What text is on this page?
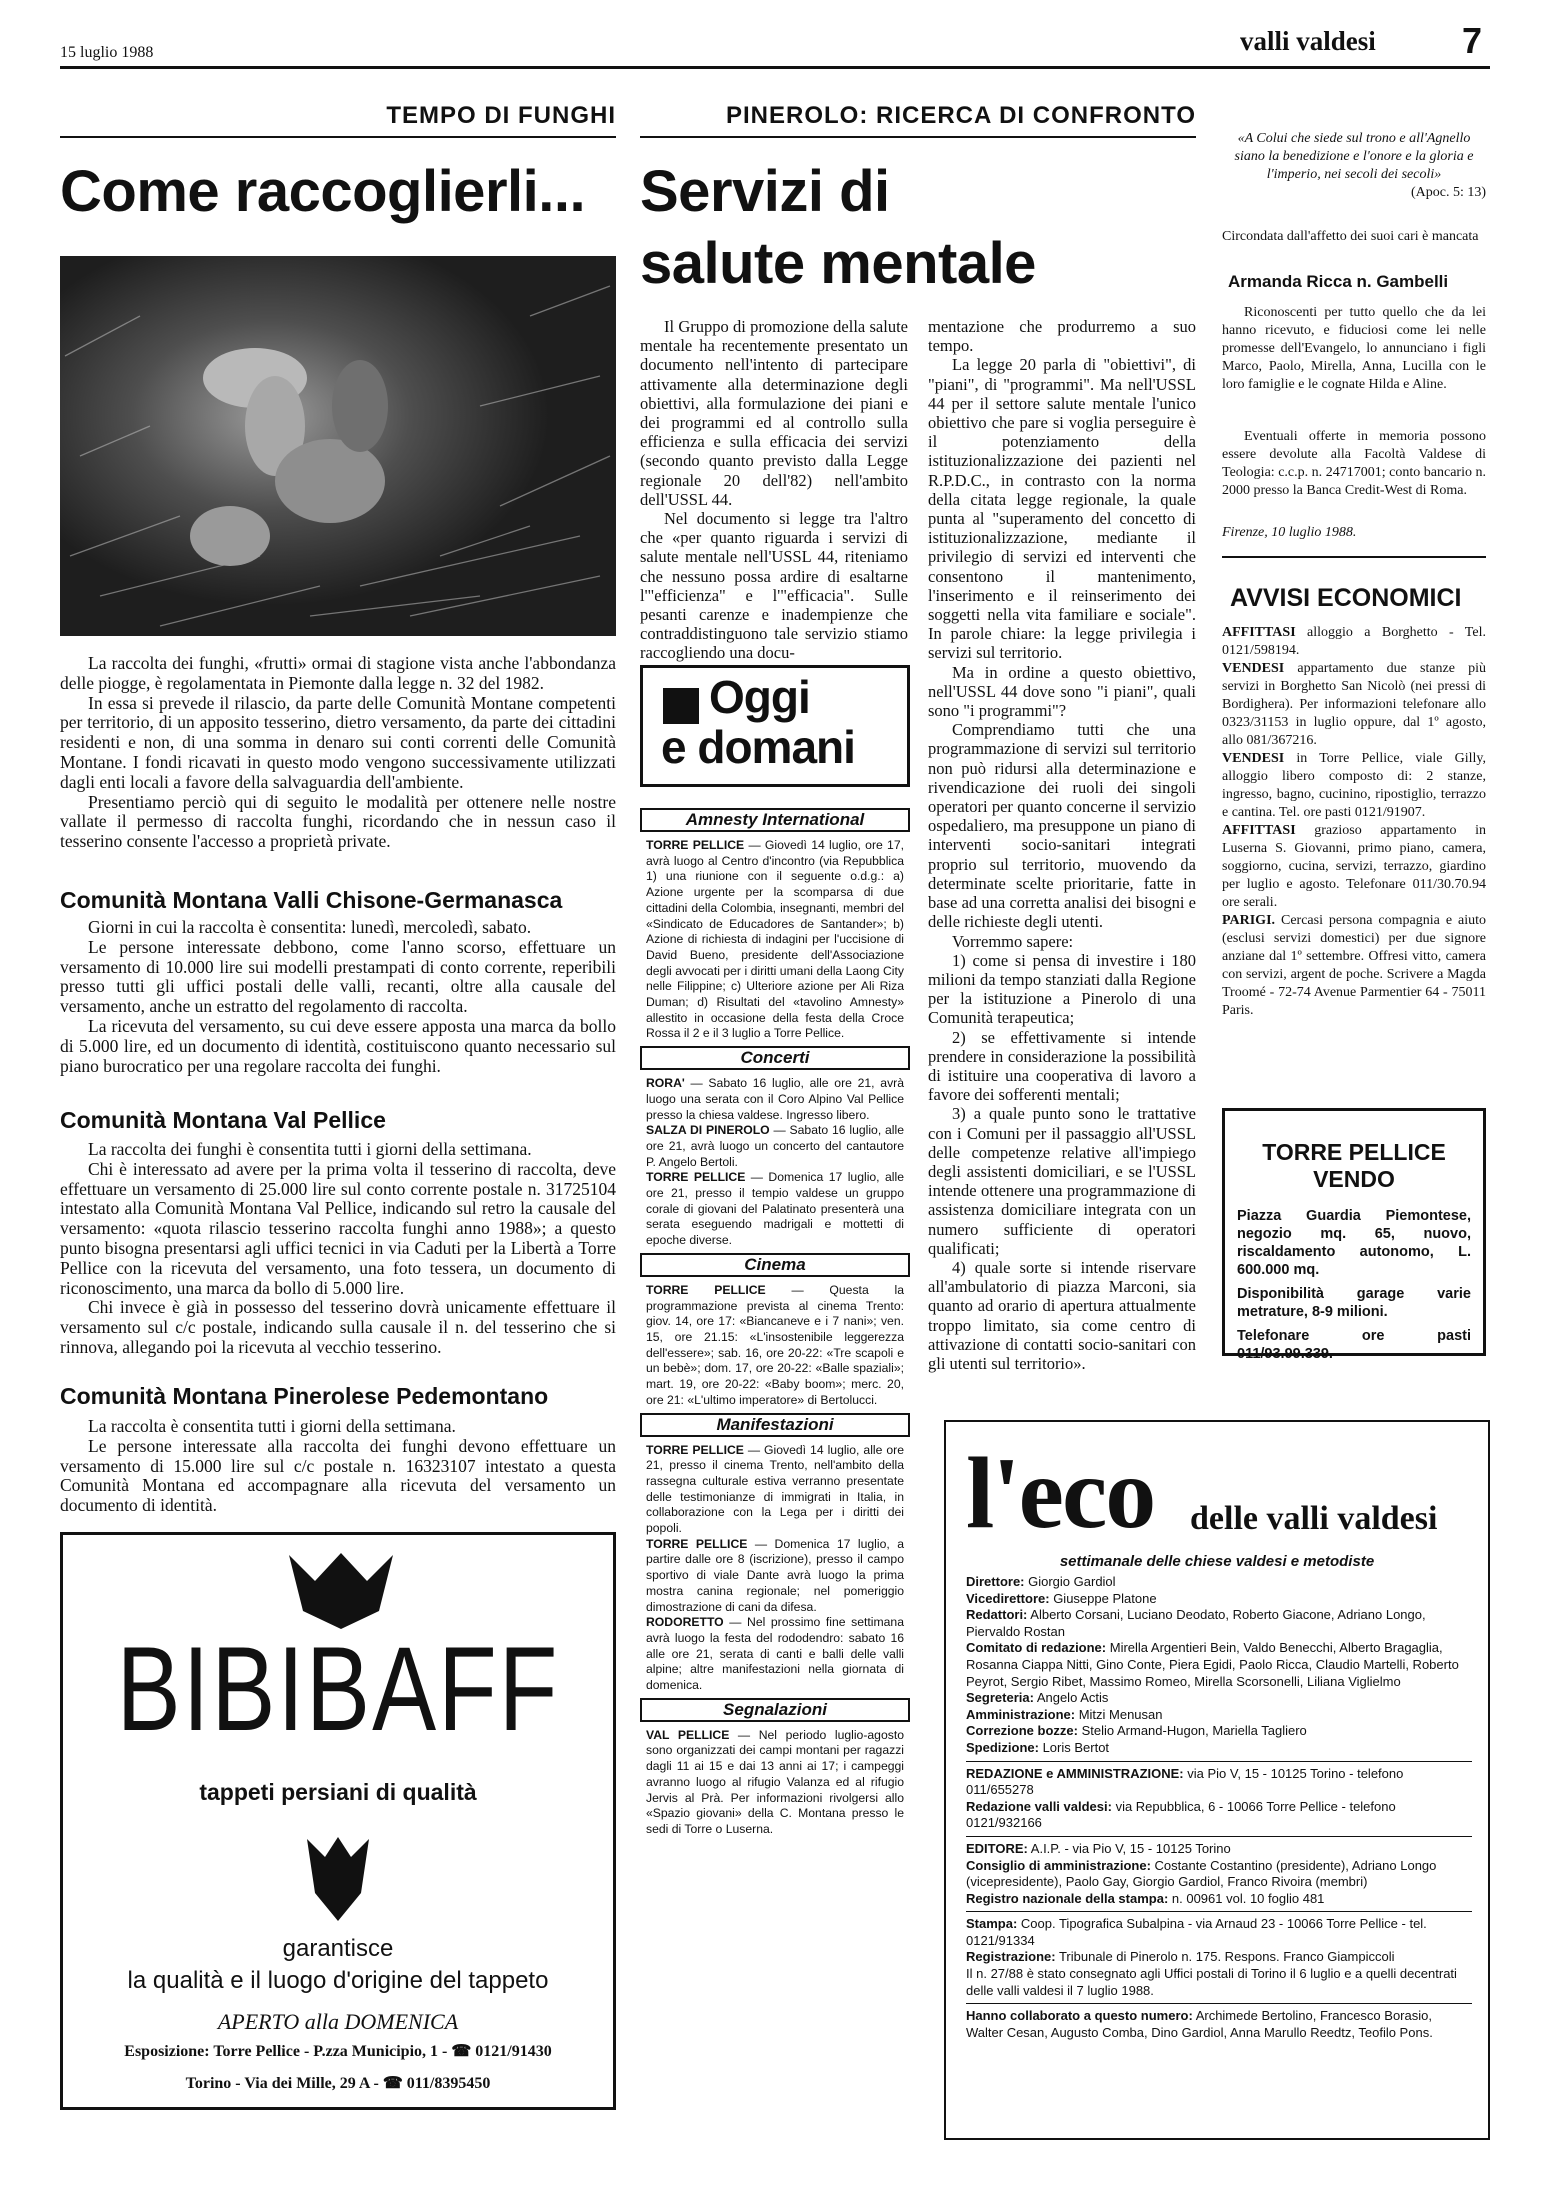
15 luglio 1988	valli valdesi 7
TEMPO DI FUNGHI
Come raccoglierli...

La raccolta dei funghi, «frutti» ormai di stagione vista anche l'abbondanza delle piogge, è regolamentata in Piemonte dalla legge n. 32 del 1982.

In essa si prevede il rilascio, da parte delle Comunità Montane competenti per territorio, di un apposito tesserino, dietro versamento, da parte dei cittadini residenti e non, di una somma in denaro sui conti correnti delle Comunità Montane. I fondi ricavati in questo modo vengono successivamente utilizzati dagli enti locali a favore della salvaguardia dell'ambiente.

Presentiamo perciò qui di seguito le modalità per ottenere nelle nostre vallate il permesso di raccolta funghi, ricordando che in nessun caso il tesserino consente l'accesso a proprietà private.

Comunità Montana Valli Chisone-Germanasca

Giorni in cui la raccolta è consentita: lunedì, mercoledì, sabato.

Le persone interessate debbono, come l'anno scorso, effettuare un versamento di 10.000 lire sui modelli prestampati di conto corrente, reperibili presso tutti gli uffici postali delle valli, recanti, oltre alla causale del versamento, anche un estratto del regolamento di raccolta.

La ricevuta del versamento, su cui deve essere apposta una marca da bollo di 5.000 lire, ed un documento di identità, costituiscono quanto necessario sul piano burocratico per una regolare raccolta dei funghi.

Comunità Montana Val Pellice

La raccolta dei funghi è consentita tutti i giorni della settimana.

Chi è interessato ad avere per la prima volta il tesserino di raccolta, deve effettuare un versamento di 25.000 lire sul conto corrente postale n. 31725104 intestato alla Comunità Montana Val Pellice, indicando sul retro la causale del versamento: «quota rilascio tesserino raccolta funghi anno 1988»; a questo punto bisogna presentarsi agli uffici tecnici in via Caduti per la Libertà a Torre Pellice con la ricevuta del versamento, una foto tessera, un documento di riconoscimento, una marca da bollo di 5.000 lire.

Chi invece è già in possesso del tesserino dovrà unicamente effettuare il versamento sul c/c postale, indicando sulla causale il n. del tesserino che si rinnova, allegando poi la ricevuta al vecchio tesserino.

Comunità Montana Pinerolese Pedemontano

La raccolta è consentita tutti i giorni della settimana.

Le persone interessate alla raccolta dei funghi devono effettuare un versamento di 15.000 lire sul c/c postale n. 16323107 intestato a questa Comunità Montana ed accompagnare alla ricevuta del versamento un documento di identità.

BIBIBAFF
tappeti persiani di qualità
garantisce
la qualità e il luogo d'origine del tappeto
APERTO alla DOMENICA
Esposizione: Torre Pellice - P.zza Municipio, 1 - ☎ 0121/91430
Torino - Via dei Mille, 29 A - ☎ 011/8395450
PINEROLO: RICERCA DI CONFRONTO
Servizi di
salute mentale

Il Gruppo di promozione della salute mentale ha recentemente presentato un documento nell'intento di partecipare attivamente alla determinazione degli obiettivi, alla formulazione dei piani e dei programmi ed al controllo sulla efficienza e sulla efficacia dei servizi (secondo quanto previsto dalla Legge regionale 20 dell'82) nell'ambito dell'USSL 44.

Nel documento si legge tra l'altro che «per quanto riguarda i servizi di salute mentale nell'USSL 44, riteniamo che nessuno possa ardire di esaltarne l'"efficienza" e l'"efficacia". Sulle pesanti carenze e inadempienze che contraddistinguono tale servizio stiamo raccogliendo una docu-

Oggi
e domani
Amnesty International

TORRE PELLICE — Giovedì 14 luglio, ore 17, avrà luogo al Centro d'incontro (via Repubblica 1) una riunione con il seguente o.d.g.: a) Azione urgente per la scomparsa di due cittadini della Colombia, insegnanti, membri del «Sindicato de Educadores de Santander»; b) Azione di richiesta di indagini per l'uccisione di David Bueno, presidente dell'Associazione degli avvocati per i diritti umani della Laong City nelle Filippine; c) Ulteriore azione per Ali Riza Duman; d) Risultati del «tavolino Amnesty» allestito in occasione della festa della Croce Rossa il 2 e il 3 luglio a Torre Pellice.

Concerti

RORA' — Sabato 16 luglio, alle ore 21, avrà luogo una serata con il Coro Alpino Val Pellice presso la chiesa valdese. Ingresso libero.

SALZA DI PINEROLO — Sabato 16 luglio, alle ore 21, avrà luogo un concerto del cantautore P. Angelo Bertoli.

TORRE PELLICE — Domenica 17 luglio, alle ore 21, presso il tempio valdese un gruppo corale di giovani del Palatinato presenterà una serata eseguendo madrigali e mottetti di epoche diverse.

Cinema

TORRE PELLICE — Questa la programmazione prevista al cinema Trento: giov. 14, ore 17: «Biancaneve e i 7 nani»; ven. 15, ore 21.15: «L'insostenibile leggerezza dell'essere»; sab. 16, ore 20-22: «Tre scapoli e un bebè»; dom. 17, ore 20-22: «Balle spaziali»; mart. 19, ore 20-22: «Baby boom»; merc. 20, ore 21: «L'ultimo imperatore» di Bertolucci.

Manifestazioni

TORRE PELLICE — Giovedì 14 luglio, alle ore 21, presso il cinema Trento, nell'ambito della rassegna culturale estiva verranno presentate delle testimonianze di immigrati in Italia, in collaborazione con la Lega per i diritti dei popoli.

TORRE PELLICE — Domenica 17 luglio, a partire dalle ore 8 (iscrizione), presso il campo sportivo di viale Dante avrà luogo la prima mostra canina regionale; nel pomeriggio dimostrazione di cani da difesa.

RODORETTO — Nel prossimo fine settimana avrà luogo la festa del rododendro: sabato 16 alle ore 21, serata di canti e balli delle valli alpine; altre manifestazioni nella giornata di domenica.

Segnalazioni

VAL PELLICE — Nel periodo luglio-agosto sono organizzati dei campi montani per ragazzi dagli 11 ai 15 e dai 13 anni ai 17; i campeggi avranno luogo al rifugio Valanza ed al rifugio Jervis al Prà. Per informazioni rivolgersi allo «Spazio giovani» della C. Montana presso le sedi di Torre o Luserna.

mentazione che produrremo a suo tempo.

La legge 20 parla di "obiettivi", di "piani", di "programmi". Ma nell'USSL 44 per il settore salute mentale l'unico obiettivo che pare si voglia perseguire è il potenziamento della istituzionalizzazione dei pazienti nel R.P.D.C., in contrasto con la norma della citata legge regionale, la quale punta al "superamento del concetto di istituzionalizzazione, mediante il privilegio di servizi ed interventi che consentono il mantenimento, l'inserimento e il reinserimento dei soggetti nella vita familiare e sociale". In parole chiare: la legge privilegia i servizi sul territorio.

Ma in ordine a questo obiettivo, nell'USSL 44 dove sono "i piani", quali sono "i programmi"?

Comprendiamo tutti che una programmazione di servizi sul territorio non può ridursi alla determinazione e rivendicazione dei ruoli dei singoli operatori per quanto concerne il servizio ospedaliero, ma presuppone un piano di interventi socio-sanitari integrati proprio sul territorio, muovendo da determinate scelte prioritarie, fatte in base ad una corretta analisi dei bisogni e delle richieste degli utenti.

Vorremmo sapere:

1) come si pensa di investire i 180 milioni da tempo stanziati dalla Regione per la istituzione a Pinerolo di una Comunità terapeutica;

2) se effettivamente si intende prendere in considerazione la possibilità di istituire una cooperativa di lavoro a favore dei sofferenti mentali;

3) a quale punto sono le trattative con i Comuni per il passaggio all'USSL delle competenze relative all'impiego degli assistenti domiciliari, e se l'USSL intende ottenere una programmazione di assistenza domiciliare integrata con un numero sufficiente di operatori qualificati;

4) quale sorte si intende riservare all'ambulatorio di piazza Marconi, sia quanto ad orario di apertura attualmente troppo limitato, sia come centro di attivazione di contatti socio-sanitari con gli utenti sul territorio».

«A Colui che siede sul trono e all'Agnello siano la benedizione e l'onore e la gloria e l'imperio, nei secoli dei secoli»
(Apoc. 5: 13)
Circondata dall'affetto dei suoi cari è mancata
Armanda Ricca n. Gambelli
Riconoscenti per tutto quello che da lei hanno ricevuto, e fiduciosi come lei nelle promesse dell'Evangelo, lo annunciano i figli Marco, Paolo, Mirella, Anna, Lucilla con le loro famiglie e le cognate Hilda e Aline.
Eventuali offerte in memoria possono essere devolute alla Facoltà Valdese di Teologia: c.c.p. n. 24717001; conto bancario n. 2000 presso la Banca Credit-West di Roma.
Firenze, 10 luglio 1988.
AVVISI ECONOMICI

AFFITTASI alloggio a Borghetto - Tel. 0121/598194.

VENDESI appartamento due stanze più servizi in Borghetto San Nicolò (nei pressi di Bordighera). Per informazioni telefonare allo 0323/31153 in luglio oppure, dal 1º agosto, allo 081/367216.

VENDESI in Torre Pellice, viale Gilly, alloggio libero composto di: 2 stanze, ingresso, bagno, cucinino, ripostiglio, terrazzo e cantina. Tel. ore pasti 0121/91907.

AFFITTASI grazioso appartamento in Luserna S. Giovanni, primo piano, camera, soggiorno, cucina, servizi, terrazzo, giardino per luglio e agosto. Telefonare 011/30.70.94 ore serali.

PARIGI. Cercasi persona compagnia e aiuto (esclusi servizi domestici) per due signore anziane dal 1º settembre. Offresi vitto, camera con servizi, argent de poche. Scrivere a Magda Troomé - 72-74 Avenue Parmentier 64 - 75011 Paris.

TORRE PELLICE
VENDO
Piazza Guardia Piemontese, negozio mq. 65, nuovo, riscaldamento autonomo, L. 600.000 mq.
Disponibilità garage varie metrature, 8-9 milioni.
Telefonare ore pasti 011/93.99.339.
l'eco delle valli valdesi
settimanale delle chiese valdesi e metodiste

Direttore: Giorgio Gardiol

Vicedirettore: Giuseppe Platone

Redattori: Alberto Corsani, Luciano Deodato, Roberto Giacone, Adriano Longo, Piervaldo Rostan

Comitato di redazione: Mirella Argentieri Bein, Valdo Benecchi, Alberto Bragaglia, Rosanna Ciappa Nitti, Gino Conte, Piera Egidi, Paolo Ricca, Claudio Martelli, Roberto Peyrot, Sergio Ribet, Massimo Romeo, Mirella Scorsonelli, Liliana Viglielmo

Segreteria: Angelo Actis

Amministrazione: Mitzi Menusan

Correzione bozze: Stelio Armand-Hugon, Mariella Tagliero

Spedizione: Loris Bertot

REDAZIONE e AMMINISTRAZIONE: via Pio V, 15 - 10125 Torino - telefono 011/655278

Redazione valli valdesi: via Repubblica, 6 - 10066 Torre Pellice - telefono 0121/932166

EDITORE: A.I.P. - via Pio V, 15 - 10125 Torino

Consiglio di amministrazione: Costante Costantino (presidente), Adriano Longo (vicepresidente), Paolo Gay, Giorgio Gardiol, Franco Rivoira (membri)

Registro nazionale della stampa: n. 00961 vol. 10 foglio 481

Stampa: Coop. Tipografica Subalpina - via Arnaud 23 - 10066 Torre Pellice - tel. 0121/91334

Registrazione: Tribunale di Pinerolo n. 175. Respons. Franco Giampiccoli

Il n. 27/88 è stato consegnato agli Uffici postali di Torino il 6 luglio e a quelli decentrati delle valli valdesi il 7 luglio 1988.

Hanno collaborato a questo numero: Archimede Bertolino, Francesco Borasio, Walter Cesan, Augusto Comba, Dino Gardiol, Anna Marullo Reedtz, Teofilo Pons.
